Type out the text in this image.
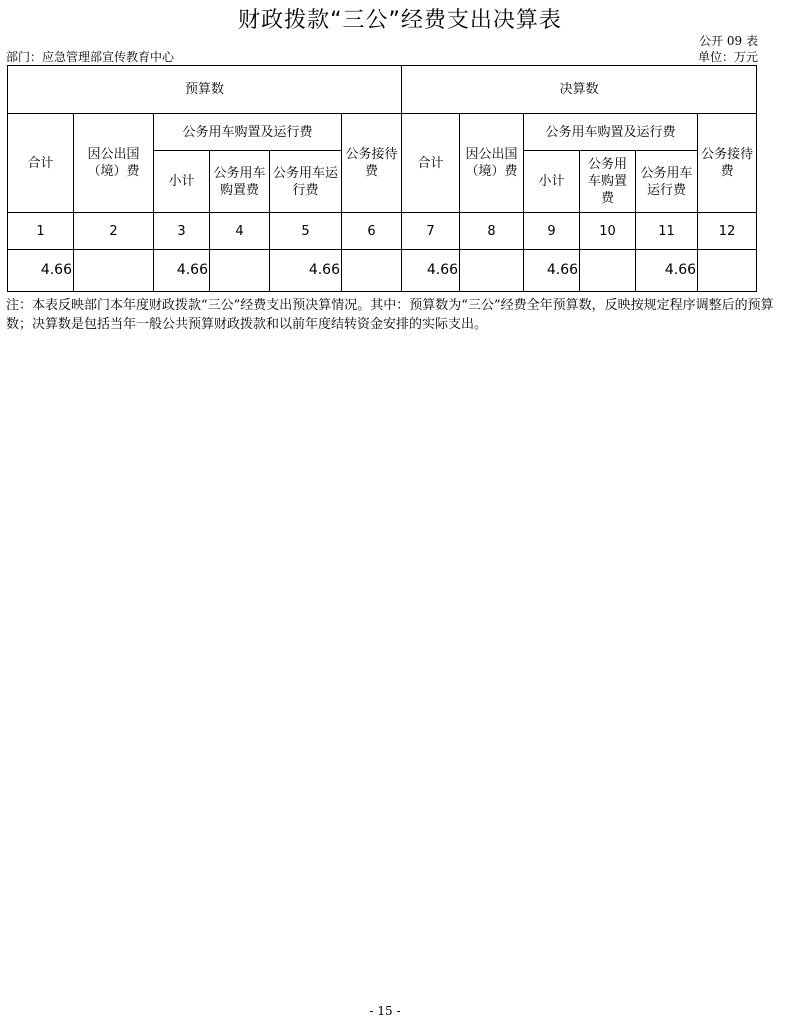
财政拨款“三公”经费支出决算表
公开 09 表
部门：应急管理部宣传教育中心	单位：万元
预算数						决算数					
合计	因公出国（境）费	公务用车购置及运行费			公务接待费	合计	因公出国（境）费	公务用车购置及运行费			公务接待费
		小计	公务用车购置费	公务用车运行费				小计	公务用车购置费	公务用车运行费	
1	2	3	4	5	6	7	8	9	10	11	12
4.66		4.66		4.66		4.66		4.66		4.66	
注：本表反映部门本年度财政拨款“三公”经费支出预决算情况。其中：预算数为“三公”经费全年预算数，反映按规定程序调整后的预算数；决算数是包括当年一般公共预算财政拨款和以前年度结转资金安排的实际支出。
- 15 -
